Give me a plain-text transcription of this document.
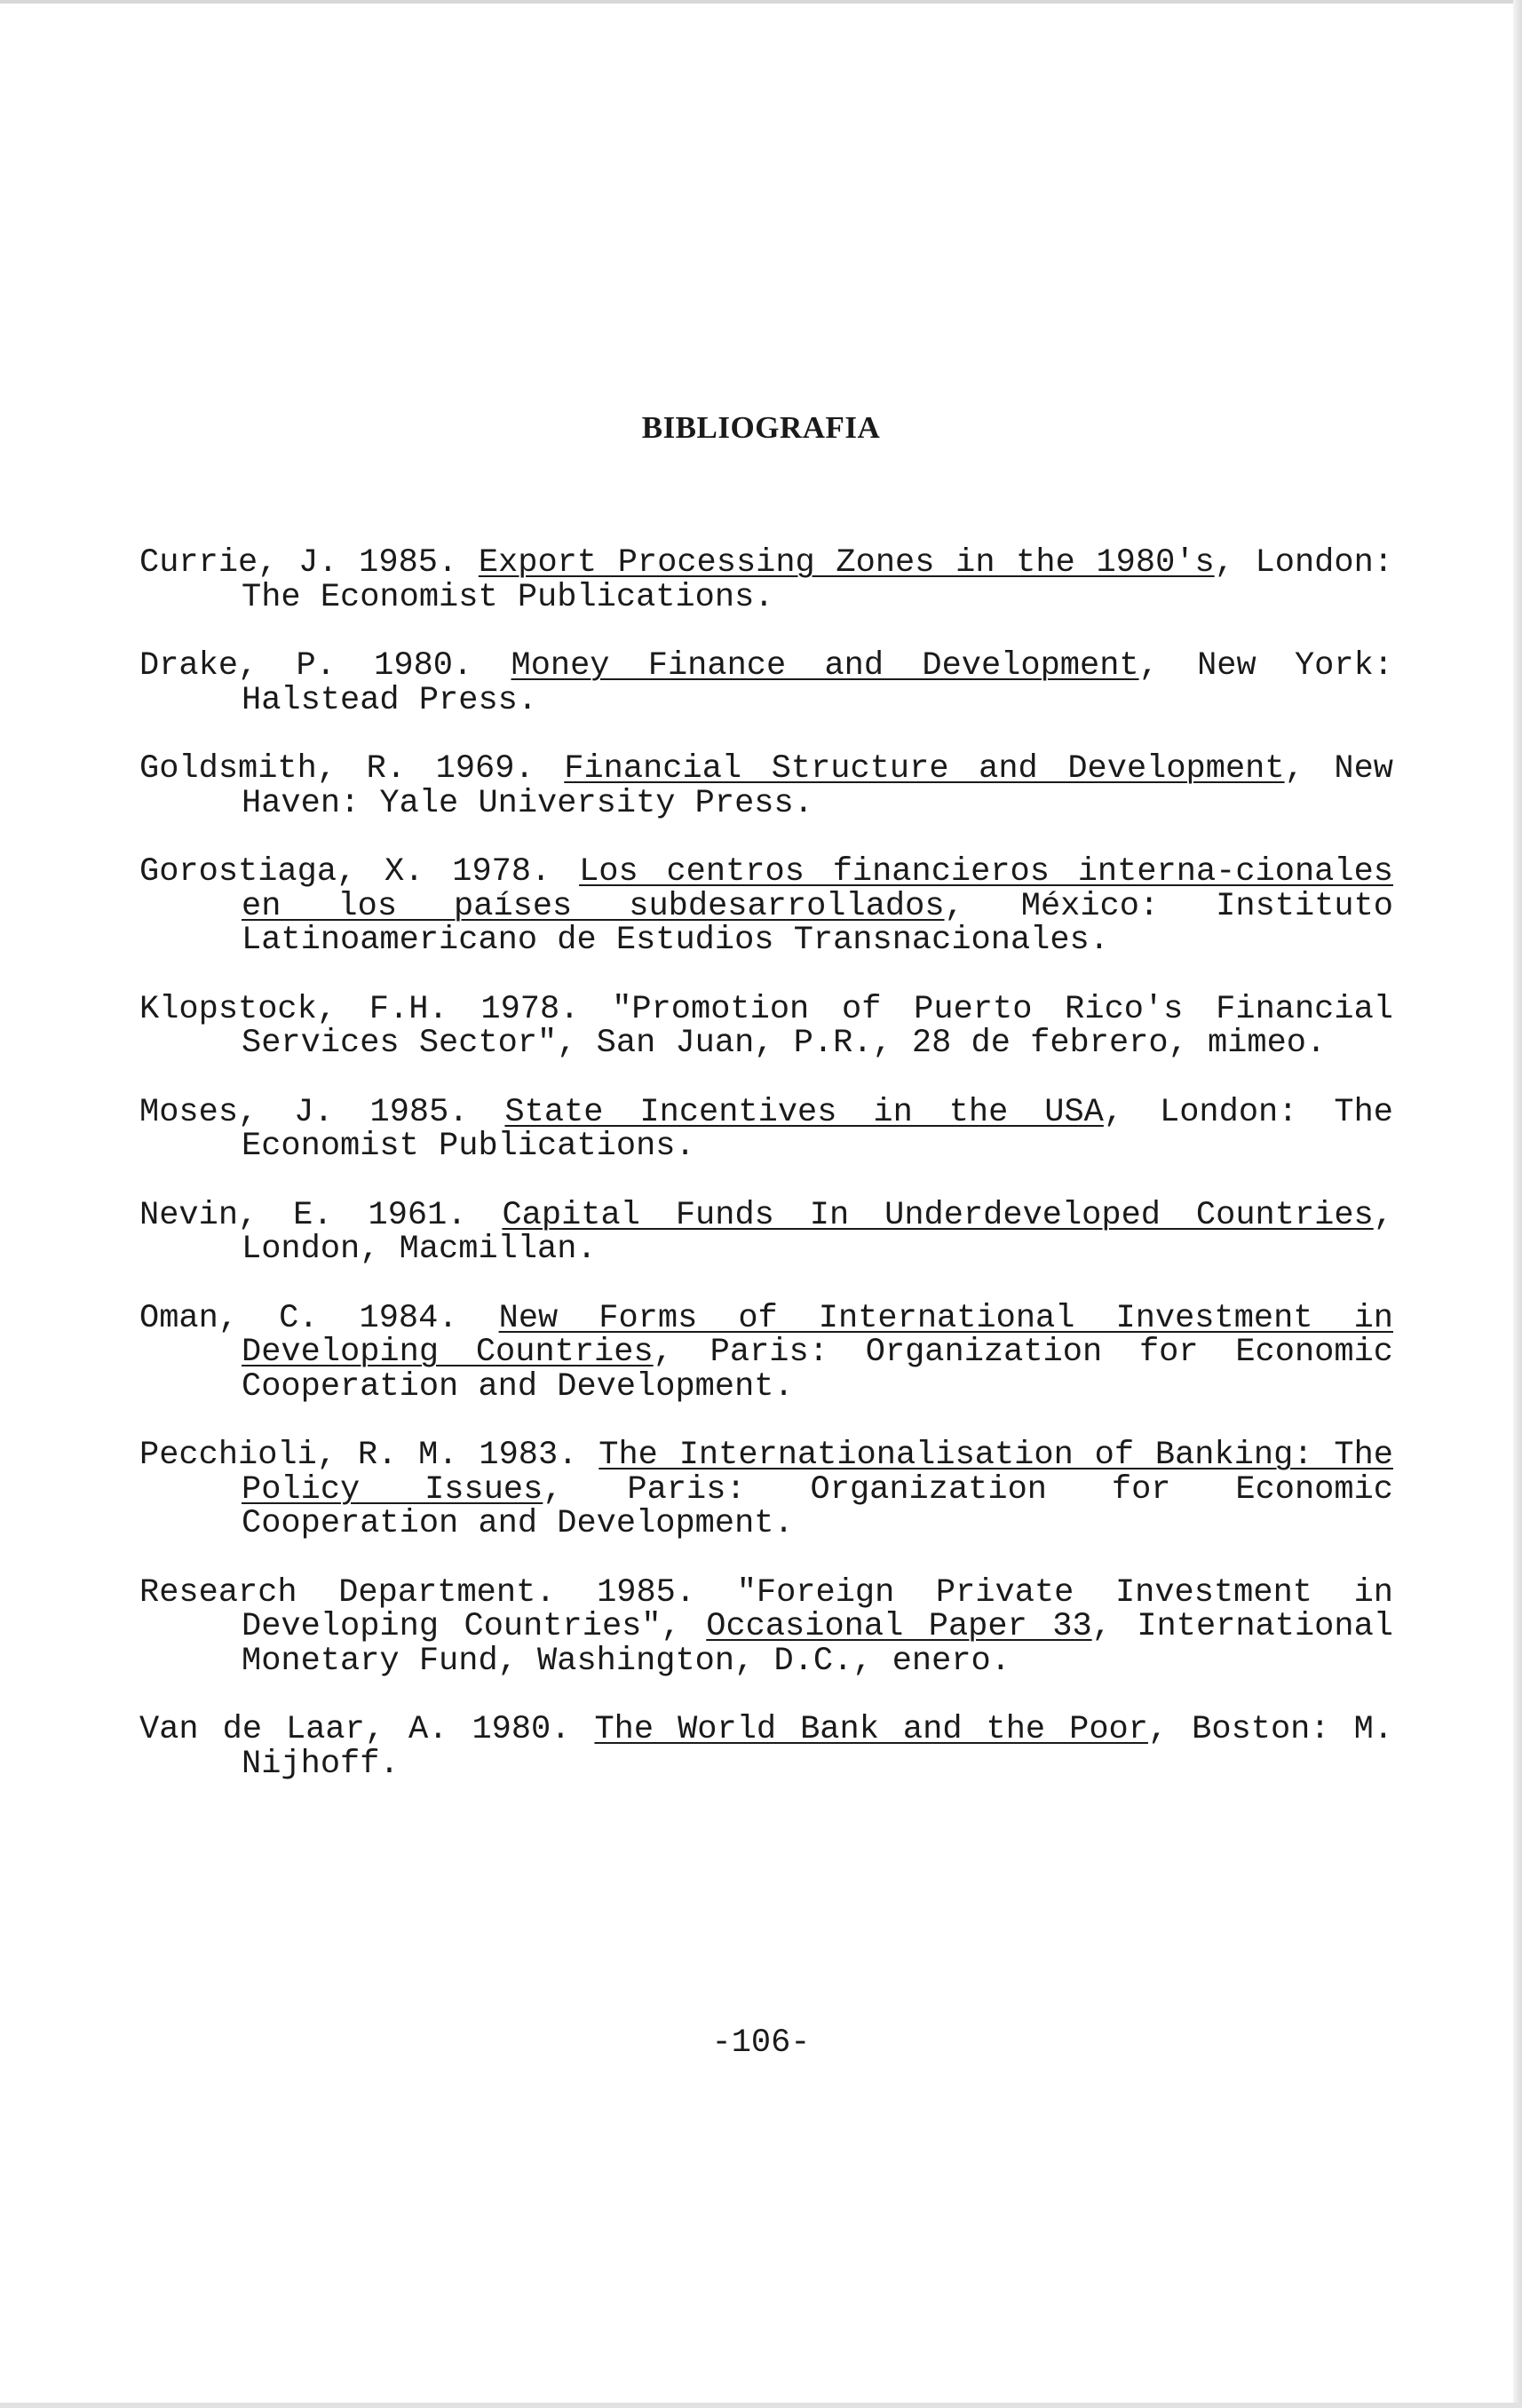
BIBLIOGRAFIA

Currie, J. 1985. Export Processing Zones in the 1980's, London: The Economist Publications.

Drake, P. 1980. Money Finance and Development, New York: Halstead Press.

Goldsmith, R. 1969. Financial Structure and Development, New Haven: Yale University Press.

Gorostiaga, X. 1978. Los centros financieros interna-cionales en los países subdesarrollados, México: Instituto Latinoamericano de Estudios Transnacionales.

Klopstock, F.H. 1978. "Promotion of Puerto Rico's Financial Services Sector", San Juan, P.R., 28 de febrero, mimeo.

Moses, J. 1985. State Incentives in the USA, London: The Economist Publications.

Nevin, E. 1961. Capital Funds In Underdeveloped Countries, London, Macmillan.

Oman, C. 1984. New Forms of International Investment in Developing Countries, Paris: Organization for Economic Cooperation and Development.

Pecchioli, R. M. 1983. The Internationalisation of Banking: The Policy Issues, Paris: Organization for Economic Cooperation and Development.

Research Department. 1985. "Foreign Private Investment in Developing Countries", Occasional Paper 33, International Monetary Fund, Washington, D.C., enero.

Van de Laar, A. 1980. The World Bank and the Poor, Boston: M. Nijhoff.

-106-
